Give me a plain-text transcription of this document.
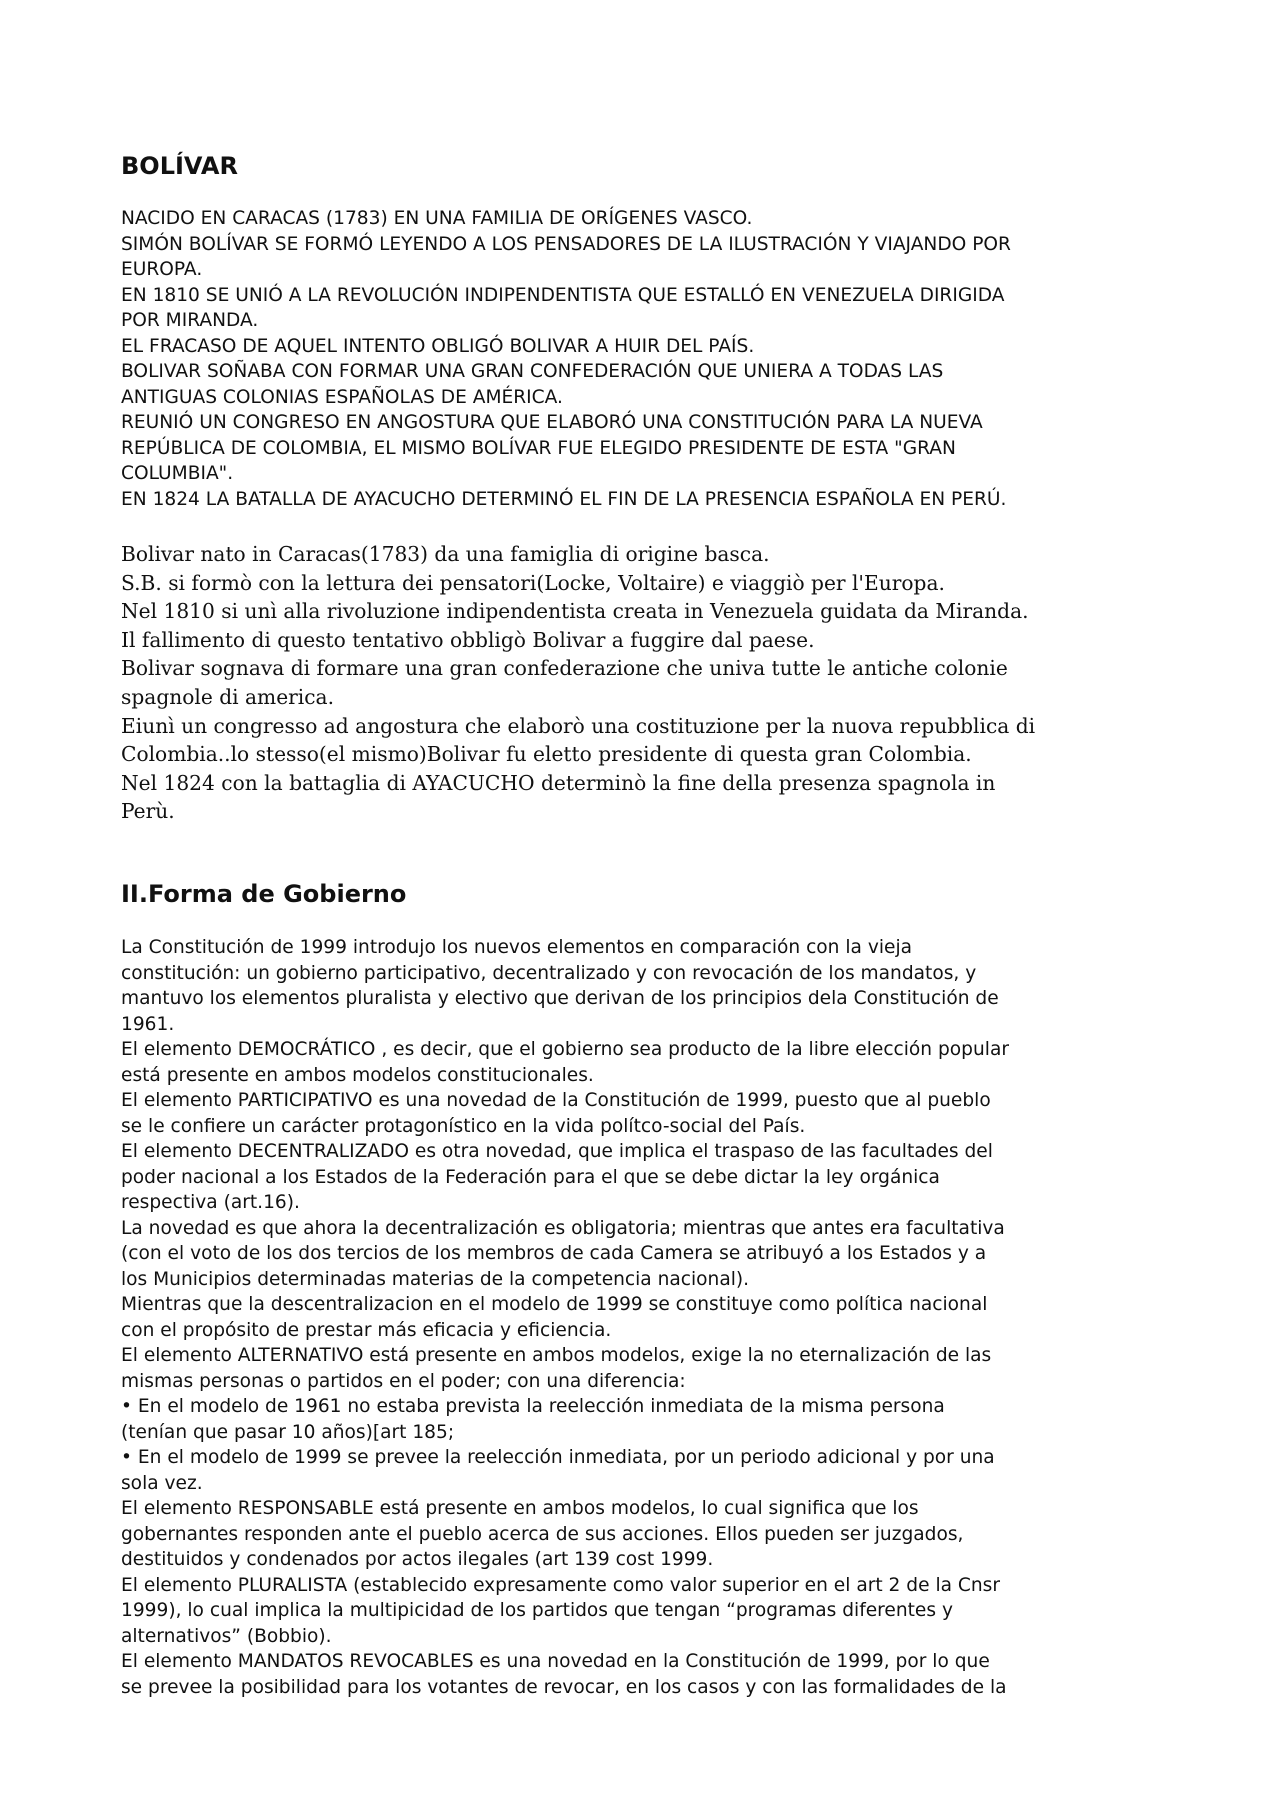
BOLÍVAR
NACIDO EN CARACAS (1783) EN UNA FAMILIA DE ORÍGENES VASCO.
SIMÓN BOLÍVAR SE FORMÓ LEYENDO A LOS PENSADORES DE LA ILUSTRACIÓN Y VIAJANDO POR
EUROPA.
EN 1810 SE UNIÓ A LA REVOLUCIÓN INDIPENDENTISTA QUE ESTALLÓ EN VENEZUELA DIRIGIDA
POR MIRANDA.
EL FRACASO DE AQUEL INTENTO OBLIGÓ BOLIVAR A HUIR DEL PAÍS.
BOLIVAR SOÑABA CON FORMAR UNA GRAN CONFEDERACIÓN QUE UNIERA A TODAS LAS
ANTIGUAS COLONIAS ESPAÑOLAS DE AMÉRICA.
REUNIÓ UN CONGRESO EN ANGOSTURA QUE ELABORÓ UNA CONSTITUCIÓN PARA LA NUEVA
REPÚBLICA DE COLOMBIA, EL MISMO BOLÍVAR FUE ELEGIDO PRESIDENTE DE ESTA "GRAN
COLUMBIA".
EN 1824 LA BATALLA DE AYACUCHO DETERMINÓ EL FIN DE LA PRESENCIA ESPAÑOLA EN PERÚ.
Bolivar nato in Caracas(1783) da una famiglia di origine basca.
S.B. si formò con la lettura dei pensatori(Locke, Voltaire) e viaggiò per l'Europa.
Nel 1810 si unì alla rivoluzione indipendentista creata in Venezuela guidata da Miranda.
Il fallimento di questo tentativo obbligò Bolivar a fuggire dal paese.
Bolivar sognava di formare una gran confederazione che univa tutte le antiche colonie
spagnole di america.
Eiunì un congresso ad angostura che elaborò una costituzione per la nuova repubblica di
Colombia..lo stesso(el mismo)Bolivar fu eletto presidente di questa gran Colombia.
Nel 1824 con la battaglia di AYACUCHO determinò la fine della presenza spagnola in
Perù.
II.Forma de Gobierno
La Constitución de 1999 introdujo los nuevos elementos en comparación con la vieja
constitución: un gobierno participativo, decentralizado y con revocación de los mandatos, y
mantuvo los elementos pluralista y electivo que derivan de los principios dela Constitución de
1961.
El elemento DEMOCRÁTICO , es decir, que el gobierno sea producto de la libre elección popular
está presente en ambos modelos constitucionales.
El elemento PARTICIPATIVO es una novedad de la Constitución de 1999, puesto que al pueblo
se le confiere un carácter protagonístico en la vida polítco-social del País.
El elemento DECENTRALIZADO es otra novedad, que implica el traspaso de las facultades del
poder nacional a los Estados de la Federación para el que se debe dictar la ley orgánica
respectiva (art.16).
La novedad es que ahora la decentralización es obligatoria; mientras que antes era facultativa
(con el voto de los dos tercios de los membros de cada Camera se atribuyó a los Estados y a
los Municipios determinadas materias de la competencia nacional).
Mientras que la descentralizacion en el modelo de 1999 se constituye como política nacional
con el propósito de prestar más eficacia y eficiencia.
El elemento ALTERNATIVO está presente en ambos modelos, exige la no eternalización de las
mismas personas o partidos en el poder; con una diferencia:
• En el modelo de 1961 no estaba prevista la reelección inmediata de la misma persona
(tenían que pasar 10 años)[art 185;
• En el modelo de 1999 se prevee la reelección inmediata, por un periodo adicional y por una
sola vez.
El elemento RESPONSABLE está presente en ambos modelos, lo cual significa que los
gobernantes responden ante el pueblo acerca de sus acciones. Ellos pueden ser juzgados,
destituidos y condenados por actos ilegales (art 139 cost 1999.
El elemento PLURALISTA (establecido expresamente como valor superior en el art 2 de la Cnsr
1999), lo cual implica la multipicidad de los partidos que tengan “programas diferentes y
alternativos” (Bobbio).
El elemento MANDATOS REVOCABLES es una novedad en la Constitución de 1999, por lo que
se prevee la posibilidad para los votantes de revocar, en los casos y con las formalidades de la
